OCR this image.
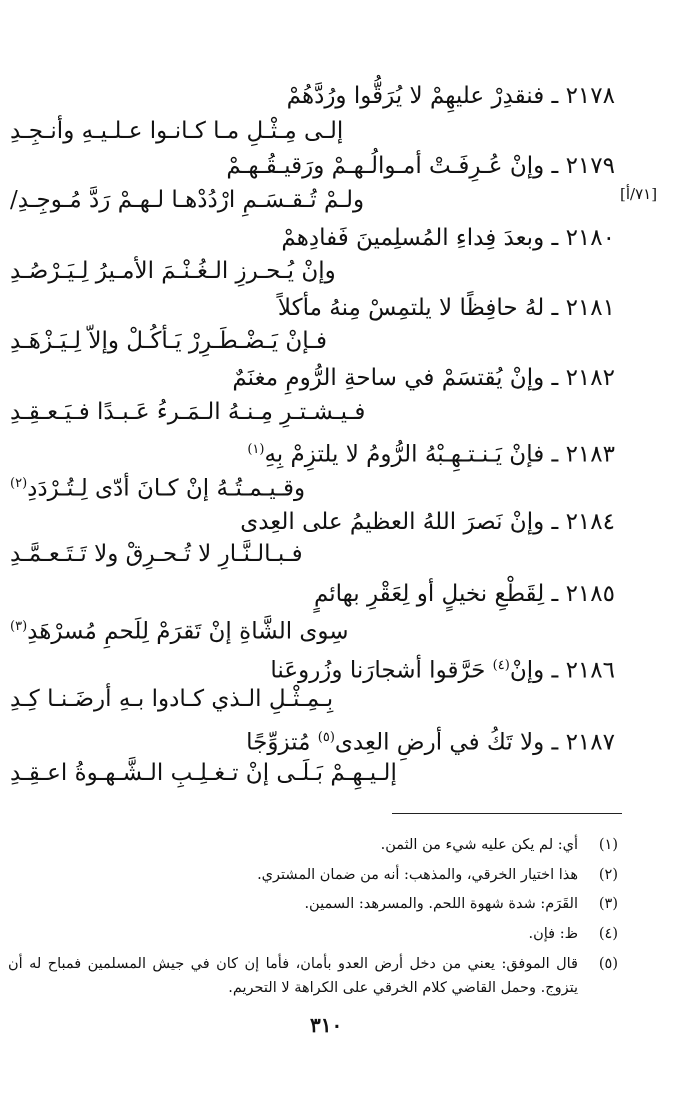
[٧١/أ]
٢١٧٨ ـ فنقدِرْ عليهِمْ لا يُرَقُّوا ورُدَّهُمْ
إلـى مِـثْـلِ مـا كـانـوا عـلـيـهِ وأنـجِـدِ
٢١٧٩ ـ وإنْ عُـرِفَـتْ أمـوالُـهـمْ ورَقيـقُـهـمْ
ولـمْ تُـقـسَـمِ ارْدُدْهـا لـهـمْ رَدَّ مُـوجِـدِ/
٢١٨٠ ـ وبعدَ فِداءِ المُسلِمينَ فَفادِهمْ
وإنْ يُـحـرزِ الـغُـنْـمَ الأمـيرُ لِـيَـرْصُـدِ
٢١٨١ ـ لهُ حافِظًا لا يلتمِسْ مِنهُ مأكلاً
فـإنْ يَـضْـطَـرِرْ يَـأكُـلْ وإلاّ لِـيَـزْهَـدِ
٢١٨٢ ـ وإنْ يُقتسَمْ في ساحةِ الرُّومِ مغنَمٌ
فـيـشـتـرِ مِـنـهُ الـمَـرءُ عَـبـدًا فـيَـعـقِـدِ
٢١٨٣ ـ فإنْ يَـنـتـهِـبْهُ الرُّومُ لا يلتزِمْ بِهِ$^{(١)}$
وقـيـمـتُـهُ إنْ كـانَ أدّى لِـتُـرْدَدِ$^{(٢)}$
٢١٨٤ ـ وإنْ نَصرَ اللهُ العظيمُ على العِدى
فـبـالـنَّـارِ لا تُـحـرِقْ ولا تَـتَـعـمَّـدِ
٢١٨٥ ـ لِقَطْعِ نخيلٍ أو لِعَقْرِ بهائمٍ
سِوى الشَّاةِ إنْ تَقرَمْ لِلَحمِ مُسرْهَدِ$^{(٣)}$
٢١٨٦ ـ وإنْ$^{(٤)}$ حَرَّقوا أشجارَنا وزُروعَنا
بِـمِـثْـلِ الـذي كـادوا بـهِ أرضَـنـا كِـدِ
٢١٨٧ ـ ولا تَكُ في أرضِ العِدى$^{(٥)}$ مُتزوِّجًا
إلـيـهِـمْ بَـلَـى إنْ تـغـلِـبِ الـشَّـهـوةُ اعـقِـدِ
(١)
أي: لم يكن عليه شيء من الثمن.
(٢)
هذا اختيار الخرقي، والمذهب: أنه من ضمان المشتري.
(٣)
القَرَم: شدة شهوة اللحم. والمسرهد: السمين.
(٤)
ظ: فإن.
(٥)
قال الموفق: يعني من دخل أرض العدو بأمان، فأما إن كان في جيش المسلمين فمباح له أن يتزوج. وحمل القاضي كلام الخرقي على الكراهة لا التحريم.
٣١٠
